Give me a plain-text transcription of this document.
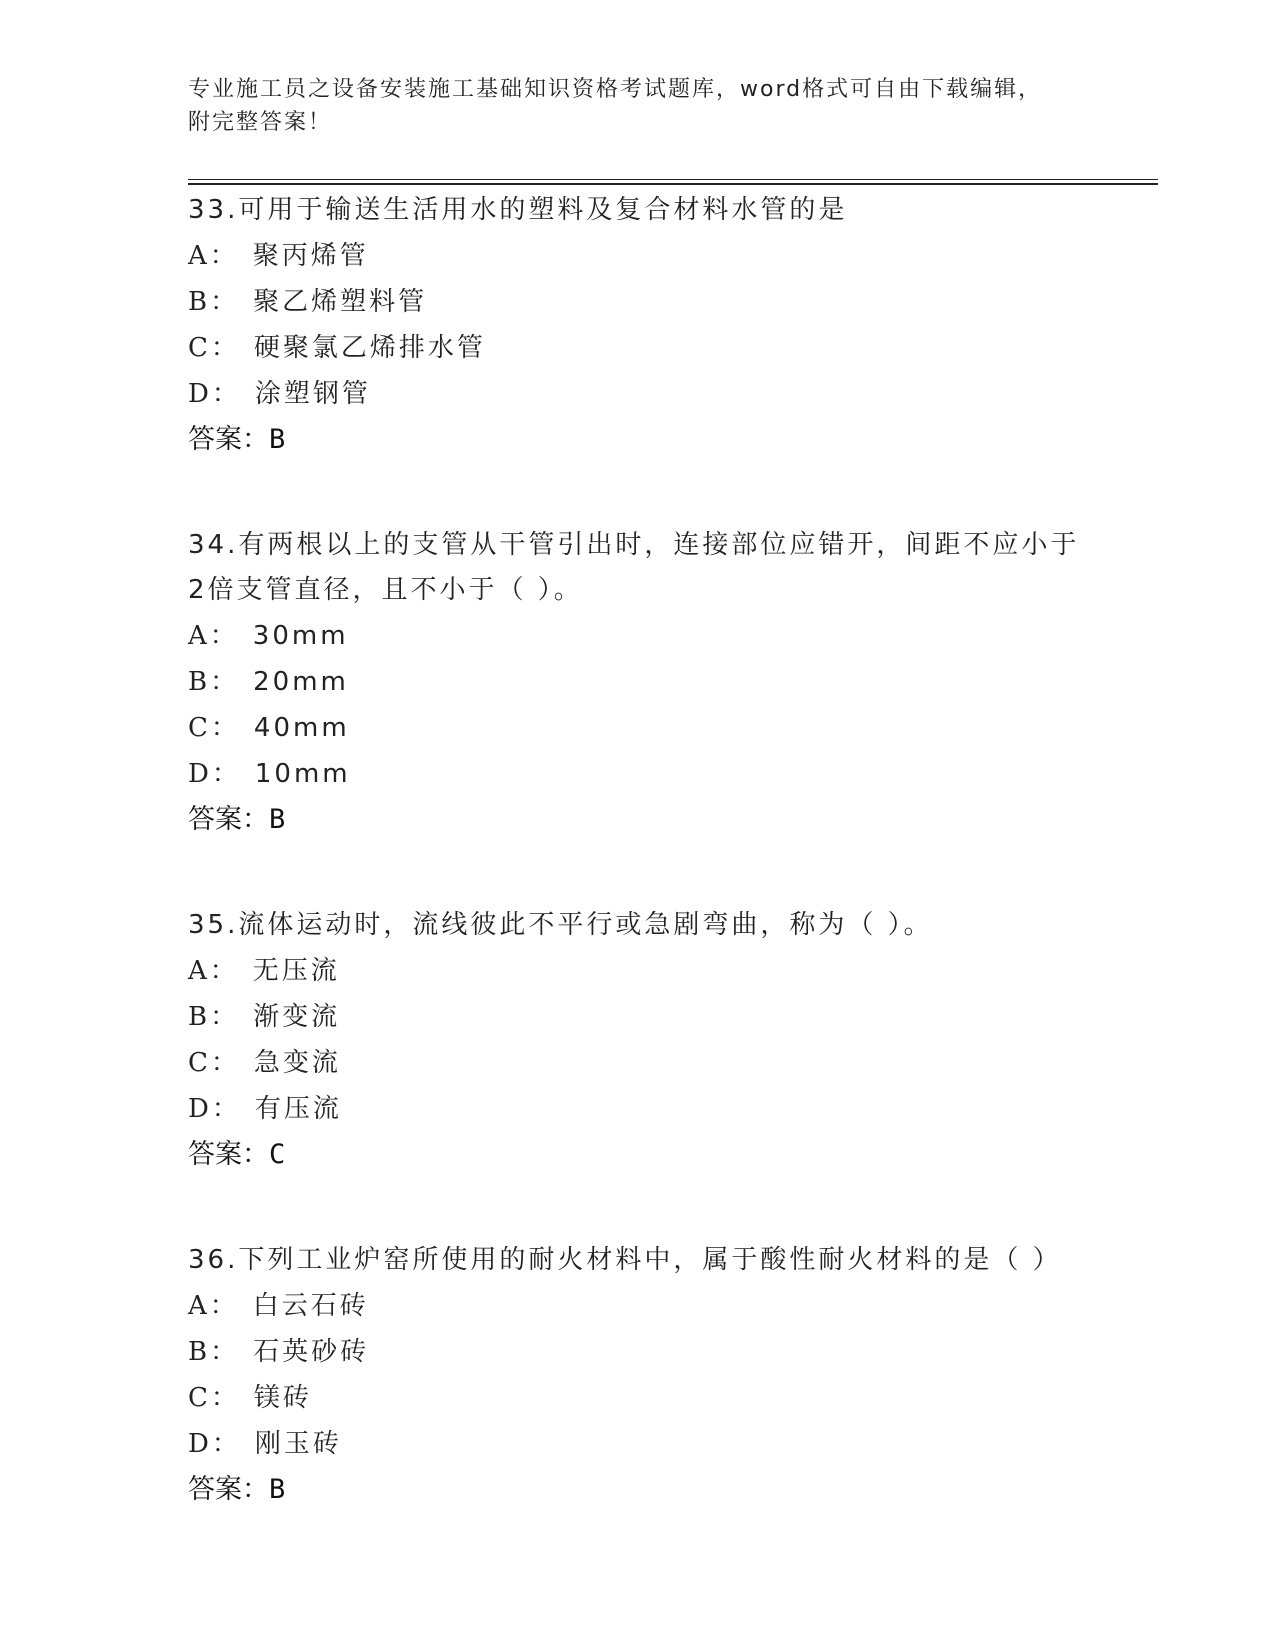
专业施工员之设备安装施工基础知识资格考试题库，word格式可自由下载编辑，
附完整答案！

33.可用于输送生活用水的塑料及复合材料水管的是

A： 聚丙烯管

B： 聚乙烯塑料管

C： 硬聚氯乙烯排水管

D： 涂塑钢管

答案：B

34.有两根以上的支管从干管引出时，连接部位应错开，间距不应小于

2倍支管直径，且不小于（ ）。

A： 30mm

B： 20mm

C： 40mm

D： 10mm

答案：B

35.流体运动时，流线彼此不平行或急剧弯曲，称为（ ）。

A： 无压流

B： 渐变流

C： 急变流

D： 有压流

答案：C

36.下列工业炉窑所使用的耐火材料中，属于酸性耐火材料的是（ ）

A： 白云石砖

B： 石英砂砖

C： 镁砖

D： 刚玉砖

答案：B
